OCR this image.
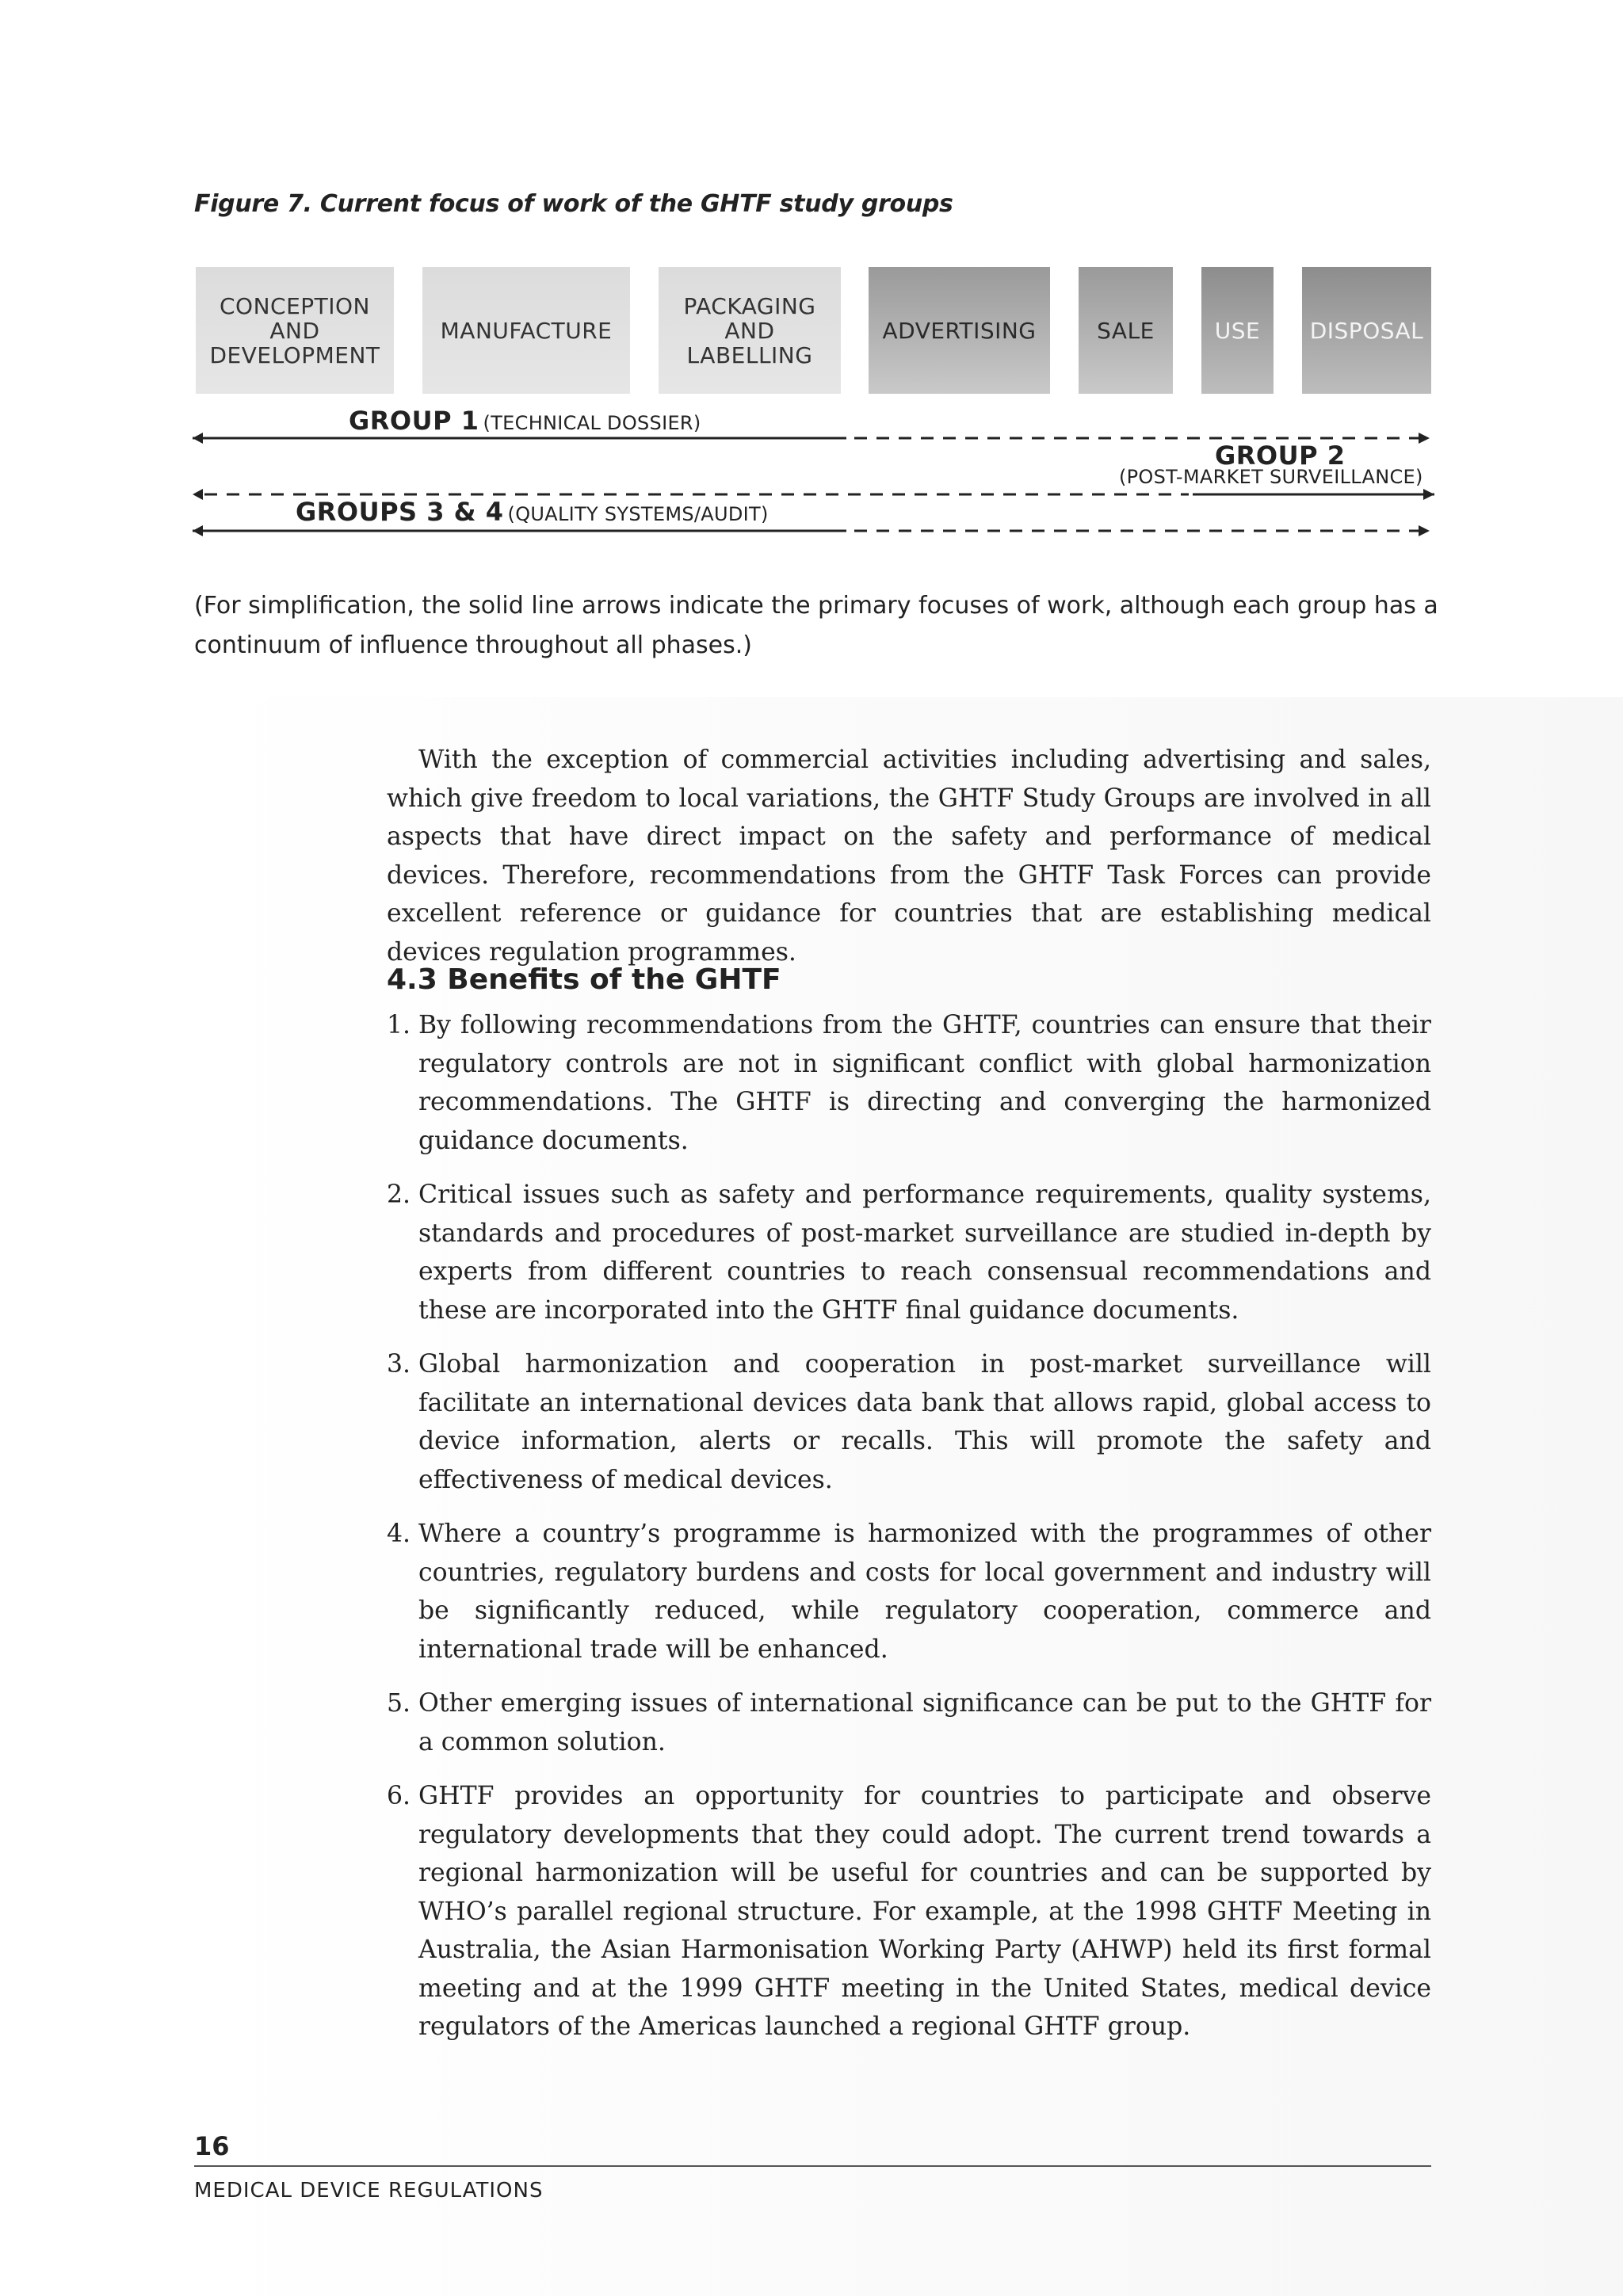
Figure 7. Current focus of work of the GHTF study groups
CONCEPTION
AND
DEVELOPMENT
MANUFACTURE
PACKAGING
AND
LABELLING
ADVERTISING	SALE	USE DISPOSAL
GROUP 1 (TECHNICAL DOSSIER)
GROUP 2
(POST-MARKET SURVEILLANCE)
GROUPS 3 & 4 (QUALITY SYSTEMS/AUDIT)
(For simplification, the solid line arrows indicate the primary focuses of work, although each group has a continuum of influence throughout all phases.)
With the exception of commercial activities including advertising and sales, which give freedom to local variations, the GHTF Study Groups are involved in all aspects that have direct impact on the safety and performance of medical devices. Therefore, recommendations from the GHTF Task Forces can provide excellent reference or guidance for countries that are establishing medical devices regulation programmes.
4.3 Benefits of the GHTF
1. By following recommendations from the GHTF, countries can ensure that their regulatory controls are not in significant conflict with global harmonization recommendations. The GHTF is directing and converging the harmonized guidance documents.
2. Critical issues such as safety and performance requirements, quality systems, standards and procedures of post-market surveillance are studied in-depth by experts from different countries to reach consensual recommendations and these are incorporated into the GHTF final guidance documents.
3. Global harmonization and cooperation in post-market surveillance will facilitate an international devices data bank that allows rapid, global access to device information, alerts or recalls. This will promote the safety and effectiveness of medical devices.
4. Where a country’s programme is harmonized with the programmes of other countries, regulatory burdens and costs for local government and industry will be significantly reduced, while regulatory cooperation, commerce and international trade will be enhanced.
5. Other emerging issues of international significance can be put to the GHTF for a common solution.
6. GHTF provides an opportunity for countries to participate and observe regulatory developments that they could adopt. The current trend towards a regional harmonization will be useful for countries and can be supported by WHO’s parallel regional structure. For example, at the 1998 GHTF Meeting in Australia, the Asian Harmonisation Working Party (AHWP) held its first formal meeting and at the 1999 GHTF meeting in the United States, medical device regulators of the Americas launched a regional GHTF group.
16
MEDICAL DEVICE REGULATIONS
